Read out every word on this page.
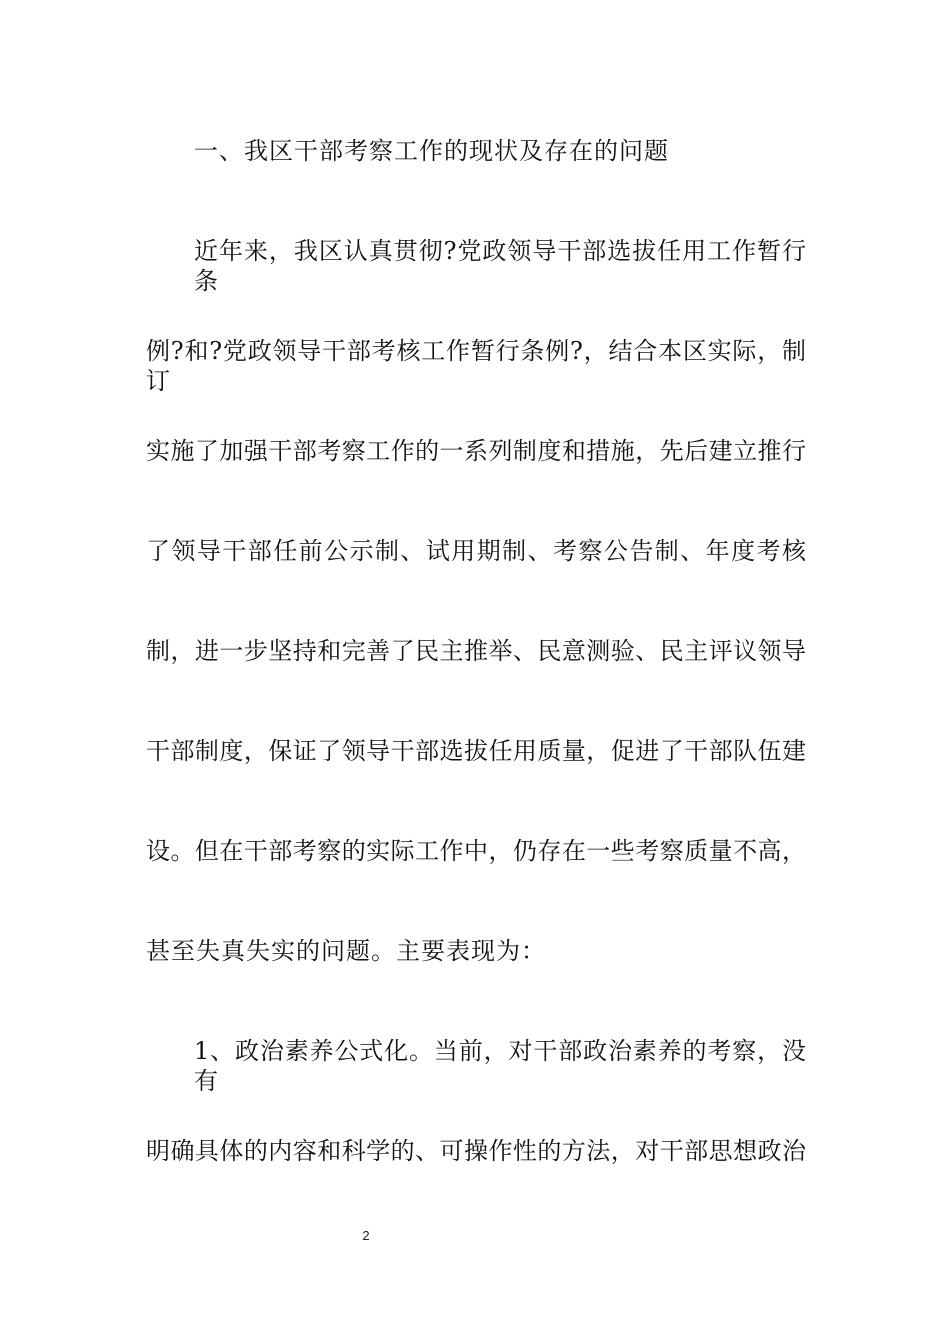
一、我区干部考察工作的现状及存在的问题
近年来，我区认真贯彻?党政领导干部选拔任用工作暂行条
例?和?党政领导干部考核工作暂行条例?，结合本区实际，制订
实施了加强干部考察工作的一系列制度和措施，先后建立推行
了领导干部任前公示制、试用期制、考察公告制、年度考核
制，进一步坚持和完善了民主推举、民意测验、民主评议领导
干部制度，保证了领导干部选拔任用质量，促进了干部队伍建
设。但在干部考察的实际工作中，仍存在一些考察质量不高，
甚至失真失实的问题。主要表现为：
1、政治素养公式化。当前，对干部政治素养的考察，没有
明确具体的内容和科学的、可操作性的方法，对干部思想政治
2
